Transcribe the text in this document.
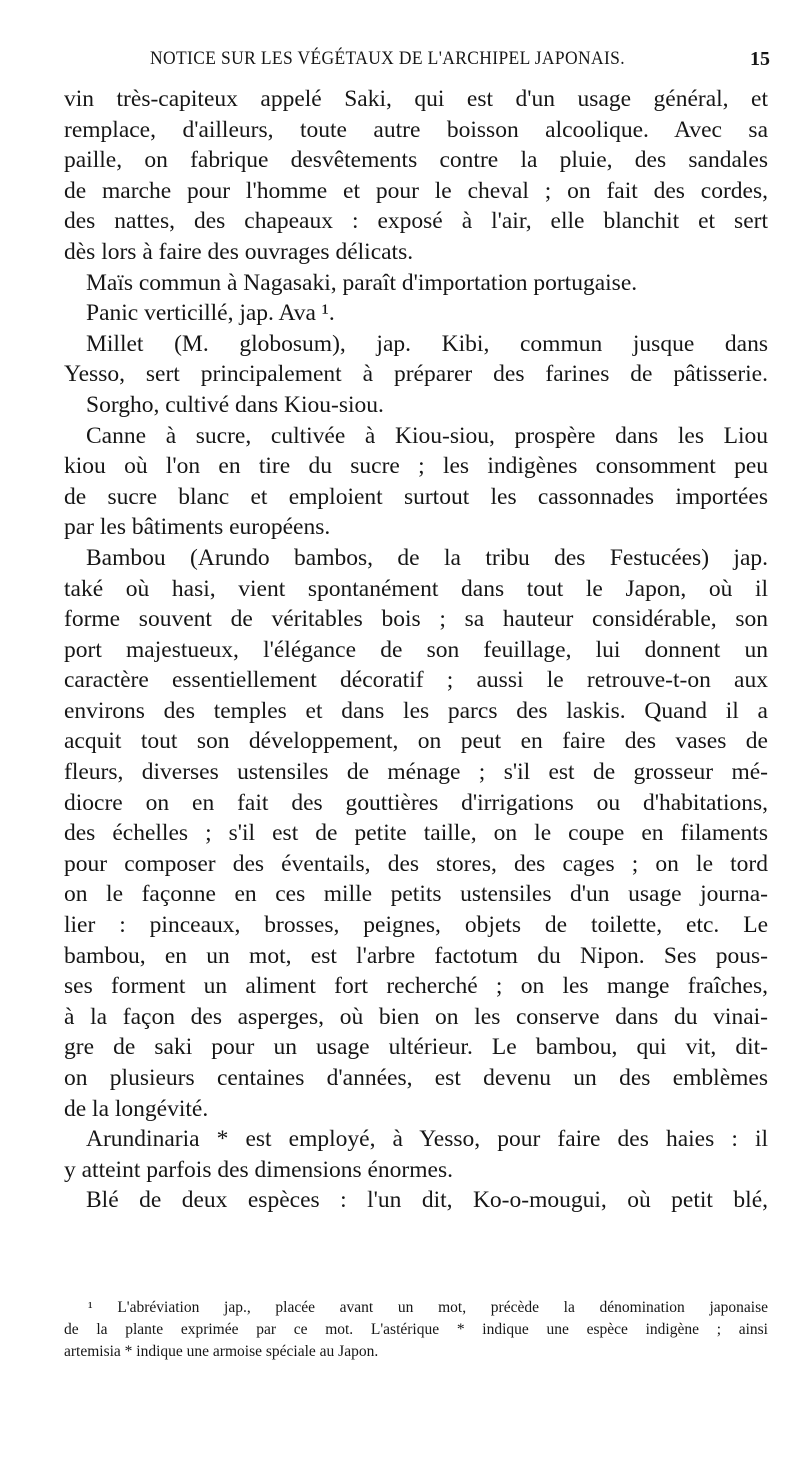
NOTICE SUR LES VÉGÉTAUX DE L'ARCHIPEL JAPONAIS.	15
vin très-capiteux appelé Saki, qui est d'un usage général, et
remplace, d'ailleurs, toute autre boisson alcoolique. Avec sa
paille, on fabrique desvêtements contre la pluie, des sandales
de marche pour l'homme et pour le cheval ; on fait des cordes,
des nattes, des chapeaux : exposé à l'air, elle blanchit et sert
dès lors à faire des ouvrages délicats.
Maïs commun à Nagasaki, paraît d'importation portugaise.
Panic verticillé, jap. Ava ¹.
Millet (M. globosum), jap. Kibi, commun jusque dans
Yesso, sert principalement à préparer des farines de pâtisserie.
Sorgho, cultivé dans Kiou-siou.
Canne à sucre, cultivée à Kiou-siou, prospère dans les Liou
kiou où l'on en tire du sucre ; les indigènes consomment peu
de sucre blanc et emploient surtout les cassonnades importées
par les bâtiments européens.
Bambou (Arundo bambos, de la tribu des Festucées) jap.
také où hasi, vient spontanément dans tout le Japon, où il
forme souvent de véritables bois ; sa hauteur considérable, son
port majestueux, l'élégance de son feuillage, lui donnent un
caractère essentiellement décoratif ; aussi le retrouve-t-on aux
environs des temples et dans les parcs des laskis. Quand il a
acquit tout son développement, on peut en faire des vases de
fleurs, diverses ustensiles de ménage ; s'il est de grosseur mé-
diocre on en fait des gouttières d'irrigations ou d'habitations,
des échelles ; s'il est de petite taille, on le coupe en filaments
pour composer des éventails, des stores, des cages ; on le tord
on le façonne en ces mille petits ustensiles d'un usage journa-
lier : pinceaux, brosses, peignes, objets de toilette, etc. Le
bambou, en un mot, est l'arbre factotum du Nipon. Ses pous-
ses forment un aliment fort recherché ; on les mange fraîches,
à la façon des asperges, où bien on les conserve dans du vinai-
gre de saki pour un usage ultérieur. Le bambou, qui vit, dit-
on plusieurs centaines d'années, est devenu un des emblèmes
de la longévité.
Arundinaria * est employé, à Yesso, pour faire des haies : il
y atteint parfois des dimensions énormes.
Blé de deux espèces : l'un dit, Ko-o-mougui, où petit blé,
¹ L'abréviation jap., placée avant un mot, précède la dénomination japonaise
de la plante exprimée par ce mot. L'astérique * indique une espèce indigène ; ainsi
artemisia * indique une armoise spéciale au Japon.
